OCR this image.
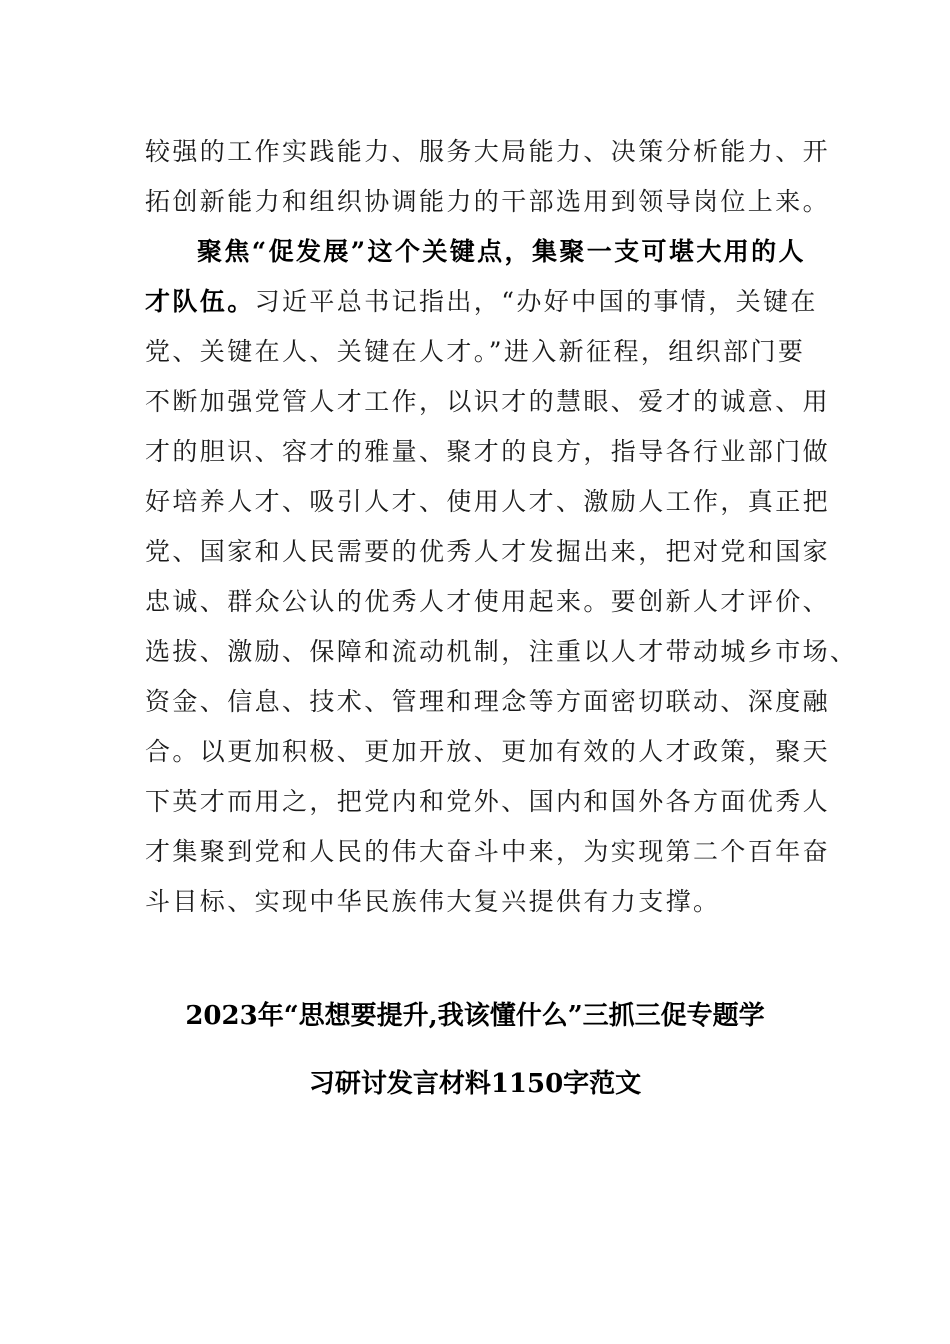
较强的工作实践能力、服务大局能力、决策分析能力、开
拓创新能力和组织协调能力的干部选用到领导岗位上来。
聚焦“促发展”这个关键点，集聚一支可堪大用的人
才队伍。习近平总书记指出，“办好中国的事情，关键在
党、关键在人、关键在人才。”进入新征程，组织部门要
不断加强党管人才工作，以识才的慧眼、爱才的诚意、用
才的胆识、容才的雅量、聚才的良方，指导各行业部门做
好培养人才、吸引人才、使用人才、激励人工作，真正把
党、国家和人民需要的优秀人才发掘出来，把对党和国家
忠诚、群众公认的优秀人才使用起来。要创新人才评价、
选拔、激励、保障和流动机制，注重以人才带动城乡市场、
资金、信息、技术、管理和理念等方面密切联动、深度融
合。以更加积极、更加开放、更加有效的人才政策，聚天
下英才而用之，把党内和党外、国内和国外各方面优秀人
才集聚到党和人民的伟大奋斗中来，为实现第二个百年奋
斗目标、实现中华民族伟大复兴提供有力支撑。
2023年“思想要提升,我该懂什么”三抓三促专题学
习研讨发言材料1150字范文
